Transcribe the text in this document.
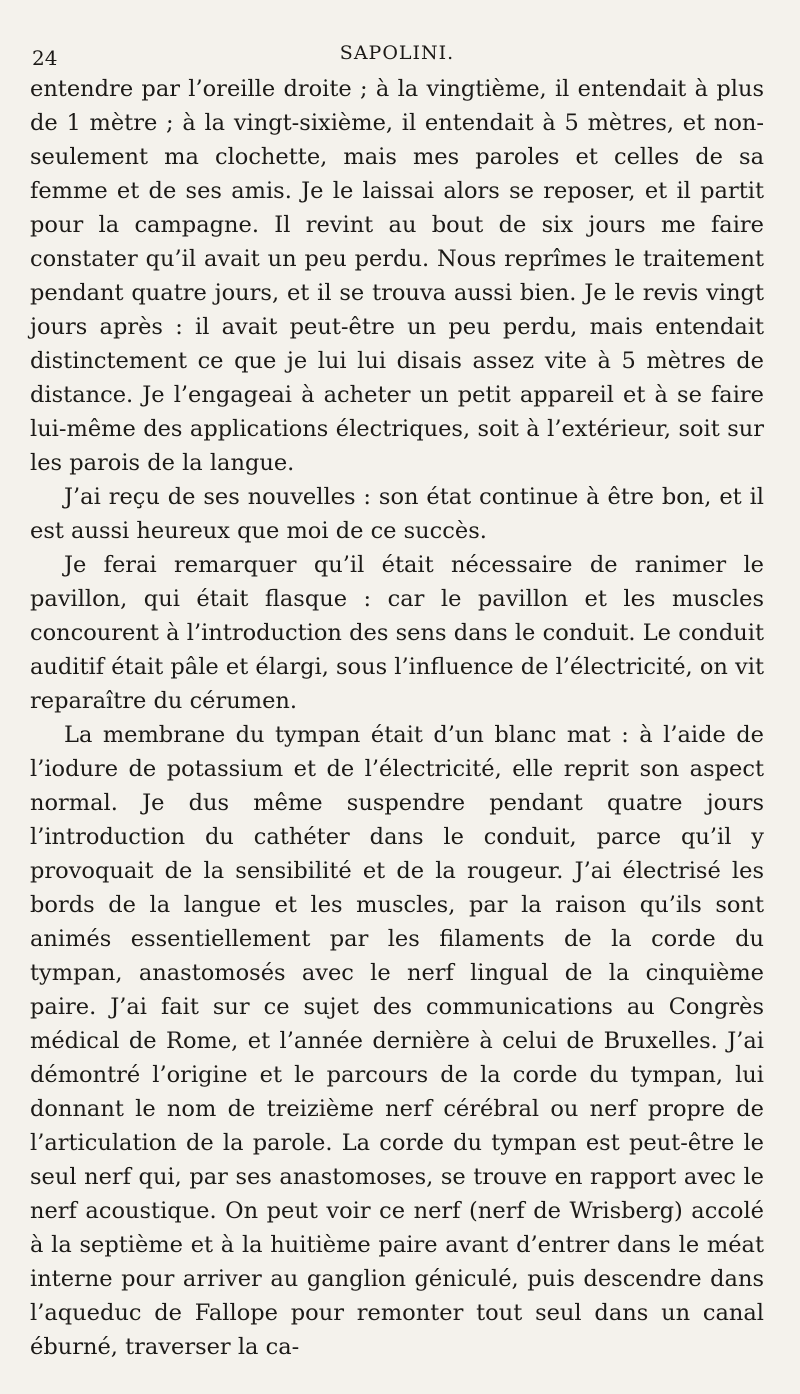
24	SAPOLINI.

entendre par l’oreille droite ; à la vingtième, il entendait à plus de 1 mètre ; à la vingt-sixième, il entendait à 5 mètres, et non-seulement ma clochette, mais mes paroles et celles de sa femme et de ses amis. Je le laissai alors se reposer, et il partit pour la campagne. Il revint au bout de six jours me faire constater qu’il avait un peu perdu. Nous reprîmes le traitement pendant quatre jours, et il se trouva aussi bien. Je le revis vingt jours après : il avait peut-être un peu perdu, mais entendait distinctement ce que je lui lui disais assez vite à 5 mètres de distance. Je l’engageai à acheter un petit appareil et à se faire lui-même des applications électriques, soit à l’extérieur, soit sur les parois de la langue.

J’ai reçu de ses nouvelles : son état continue à être bon, et il est aussi heureux que moi de ce succès.

Je ferai remarquer qu’il était nécessaire de ranimer le pavillon, qui était flasque : car le pavillon et les muscles concourent à l’introduction des sens dans le conduit. Le conduit auditif était pâle et élargi, sous l’influence de l’électricité, on vit reparaître du cérumen.

La membrane du tympan était d’un blanc mat : à l’aide de l’iodure de potassium et de l’électricité, elle reprit son aspect normal. Je dus même suspendre pendant quatre jours l’introduction du cathéter dans le conduit, parce qu’il y provoquait de la sensibilité et de la rougeur. J’ai électrisé les bords de la langue et les muscles, par la raison qu’ils sont animés essentiellement par les filaments de la corde du tympan, anastomosés avec le nerf lingual de la cinquième paire. J’ai fait sur ce sujet des communications au Congrès médical de Rome, et l’année dernière à celui de Bruxelles. J’ai démontré l’origine et le parcours de la corde du tympan, lui donnant le nom de treizième nerf cérébral ou nerf propre de l’articulation de la parole. La corde du tympan est peut-être le seul nerf qui, par ses anastomoses, se trouve en rapport avec le nerf acoustique. On peut voir ce nerf (nerf de Wrisberg) accolé à la septième et à la huitième paire avant d’entrer dans le méat interne pour arriver au ganglion géniculé, puis descendre dans l’aqueduc de Fallope pour remonter tout seul dans un canal éburné, traverser la ca-
